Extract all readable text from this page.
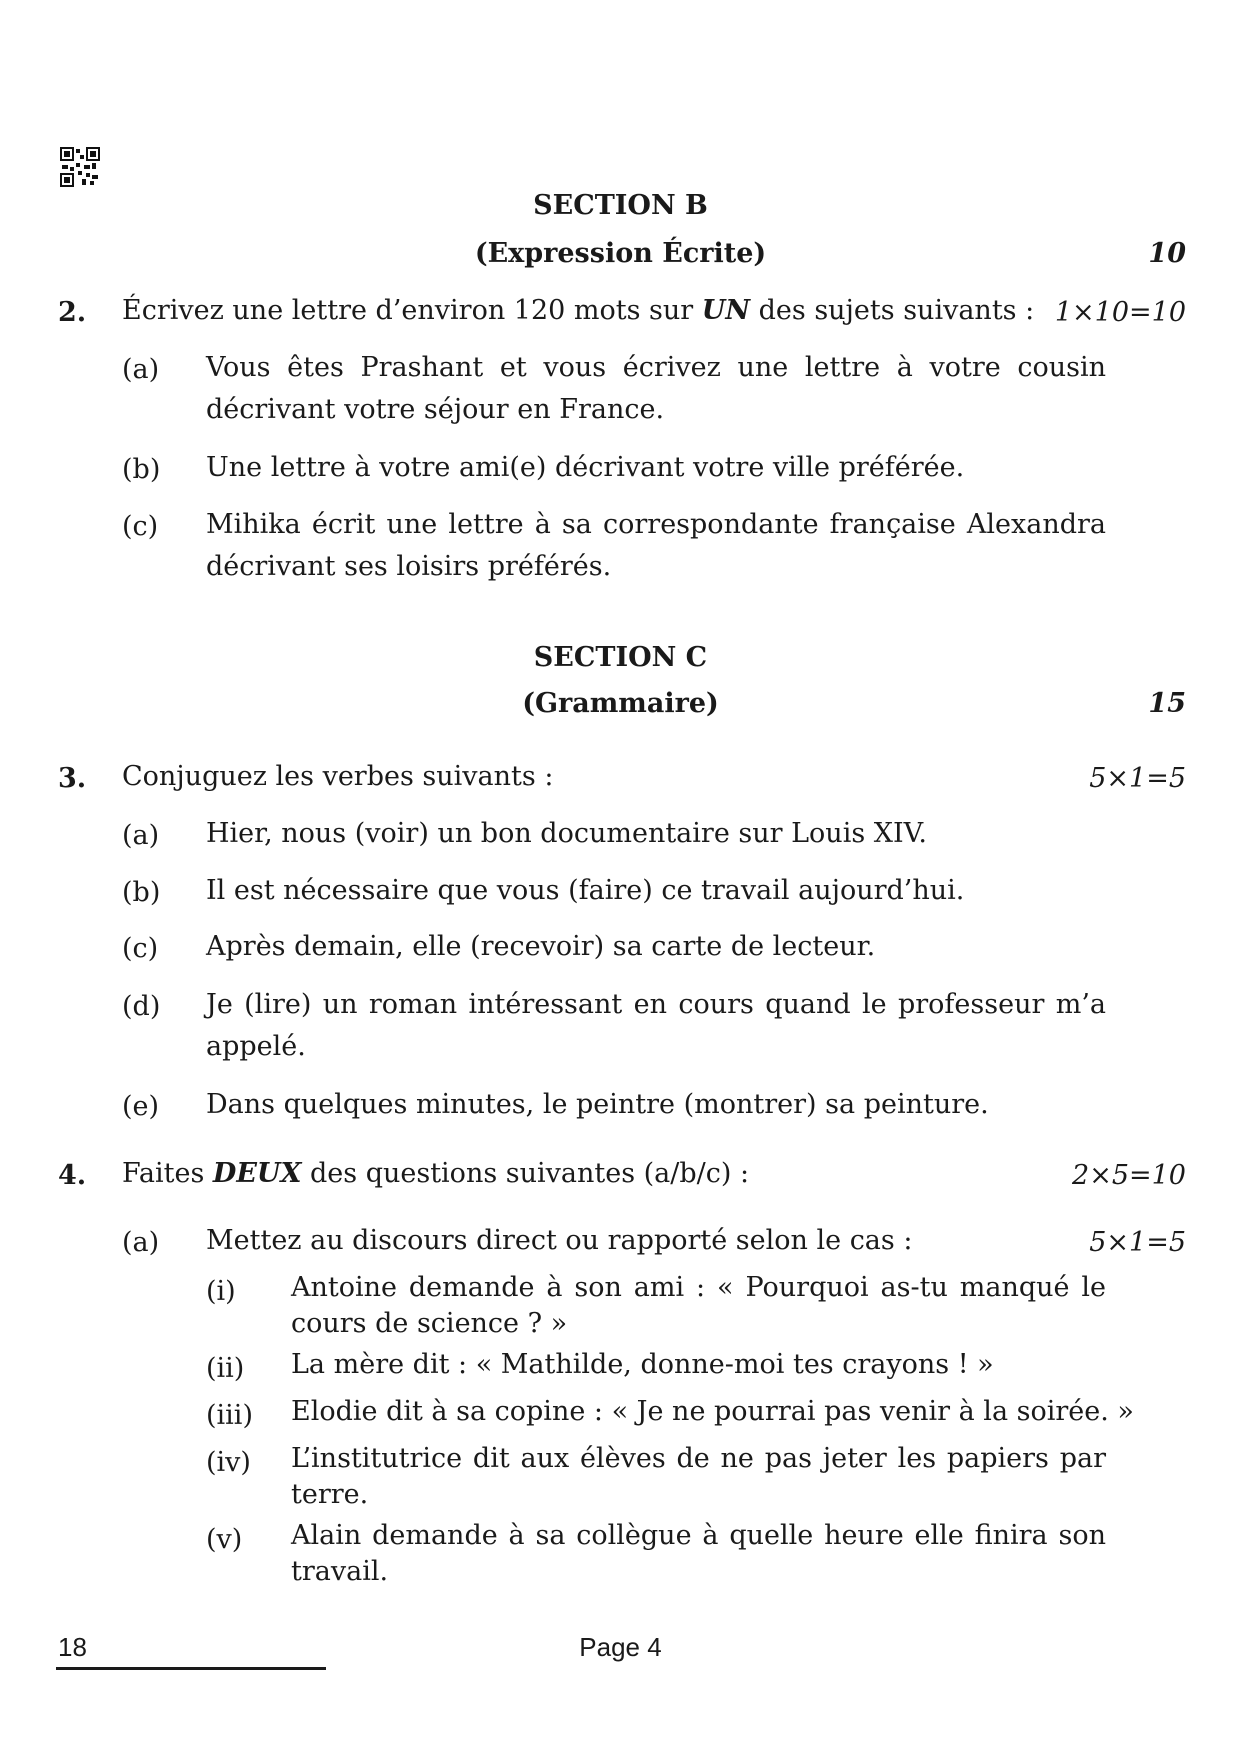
SECTION B
(Expression Écrite)	10
2. Écrivez une lettre d’environ 120 mots sur UN des sujets suivants : 1×10=10
(a) Vous êtes Prashant et vous écrivez une lettre à votre cousin
décrivant votre séjour en France.
(b) Une lettre à votre ami(e) décrivant votre ville préférée.
(c) Mihika écrit une lettre à sa correspondante française Alexandra
décrivant ses loisirs préférés.
SECTION C
(Grammaire)	15
3. Conjuguez les verbes suivants :	5×1=5
(a) Hier, nous (voir) un bon documentaire sur Louis XIV.
(b) Il est nécessaire que vous (faire) ce travail aujourd’hui.
(c) Après demain, elle (recevoir) sa carte de lecteur.
(d) Je (lire) un roman intéressant en cours quand le professeur m’a
appelé.
(e) Dans quelques minutes, le peintre (montrer) sa peinture.
4. Faites DEUX des questions suivantes (a/b/c) :	2×5=10
(a) Mettez au discours direct ou rapporté selon le cas :	5×1=5
(i) Antoine demande à son ami : « Pourquoi as-tu manqué le
cours de science ? »
(ii) La mère dit : « Mathilde, donne-moi tes crayons ! »
(iii) Elodie dit à sa copine : « Je ne pourrai pas venir à la soirée. »
(iv) L’institutrice dit aux élèves de ne pas jeter les papiers par
terre.
(v) Alain demande à sa collègue à quelle heure elle finira son
travail.
18	Page 4
